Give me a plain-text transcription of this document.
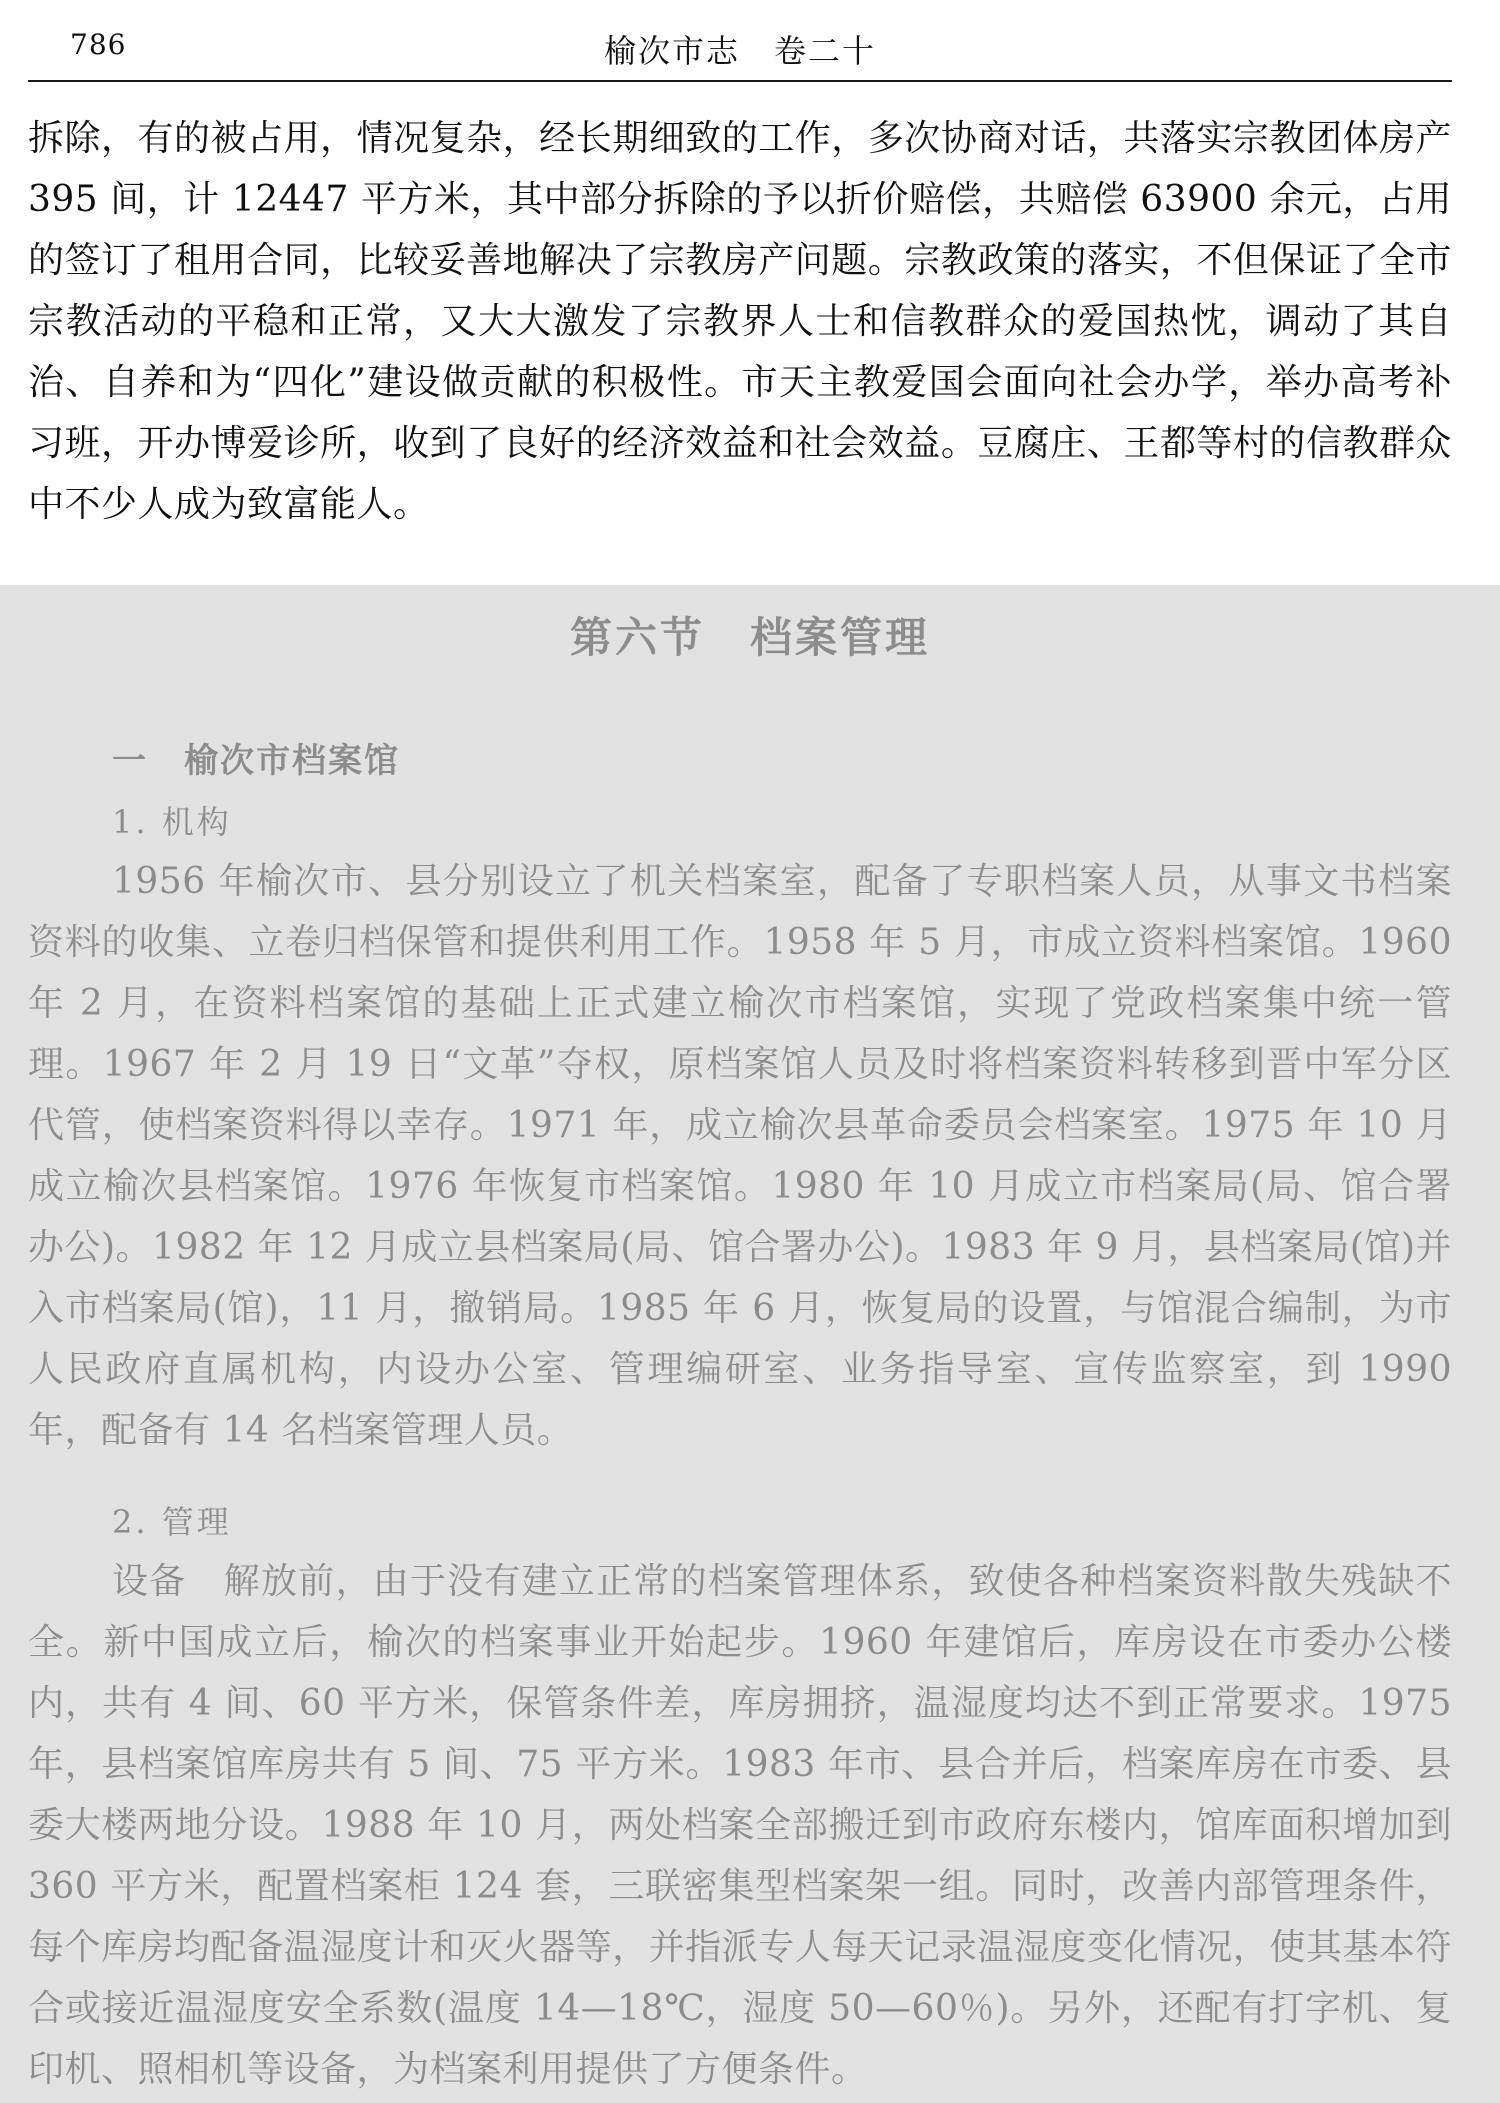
786	榆次市志　卷二十
拆除，有的被占用，情况复杂，经长期细致的工作，多次协商对话，共落实宗教团体房产 395 间，计 12447 平方米，其中部分拆除的予以折价赔偿，共赔偿 63900 余元，占用的签订了租用合同，比较妥善地解决了宗教房产问题。宗教政策的落实，不但保证了全市宗教活动的平稳和正常，又大大激发了宗教界人士和信教群众的爱国热忱，调动了其自治、自养和为“四化”建设做贡献的积极性。市天主教爱国会面向社会办学，举办高考补习班，开办博爱诊所，收到了良好的经济效益和社会效益。豆腐庄、王都等村的信教群众中不少人成为致富能人。
第六节　档案管理
一　榆次市档案馆
1. 机构
1956 年榆次市、县分别设立了机关档案室，配备了专职档案人员，从事文书档案资料的收集、立卷归档保管和提供利用工作。1958 年 5 月，市成立资料档案馆。1960 年 2 月，在资料档案馆的基础上正式建立榆次市档案馆，实现了党政档案集中统一管理。1967 年 2 月 19 日“文革”夺权，原档案馆人员及时将档案资料转移到晋中军分区代管，使档案资料得以幸存。1971 年，成立榆次县革命委员会档案室。1975 年 10 月成立榆次县档案馆。1976 年恢复市档案馆。1980 年 10 月成立市档案局(局、馆合署办公)。1982 年 12 月成立县档案局(局、馆合署办公)。1983 年 9 月，县档案局(馆)并入市档案局(馆)，11 月，撤销局。1985 年 6 月，恢复局的设置，与馆混合编制，为市人民政府直属机构，内设办公室、管理编研室、业务指导室、宣传监察室，到 1990 年，配备有 14 名档案管理人员。
2. 管理
设备　解放前，由于没有建立正常的档案管理体系，致使各种档案资料散失残缺不全。新中国成立后，榆次的档案事业开始起步。1960 年建馆后，库房设在市委办公楼内，共有 4 间、60 平方米，保管条件差，库房拥挤，温湿度均达不到正常要求。1975 年，县档案馆库房共有 5 间、75 平方米。1983 年市、县合并后，档案库房在市委、县委大楼两地分设。1988 年 10 月，两处档案全部搬迁到市政府东楼内，馆库面积增加到 360 平方米，配置档案柜 124 套，三联密集型档案架一组。同时，改善内部管理条件，每个库房均配备温湿度计和灭火器等，并指派专人每天记录温湿度变化情况，使其基本符合或接近温湿度安全系数(温度 14—18℃，湿度 50—60％)。另外，还配有打字机、复印机、照相机等设备，为档案利用提供了方便条件。
